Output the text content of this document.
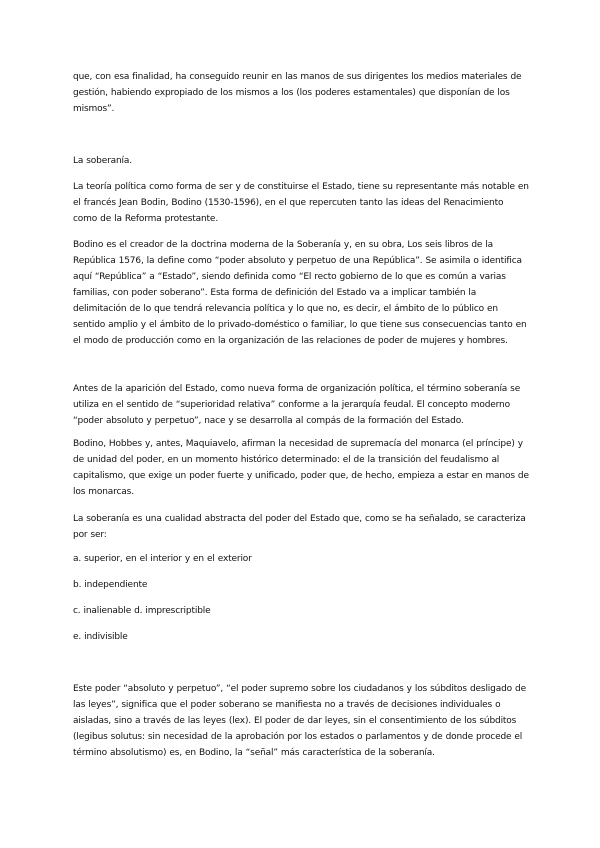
que, con esa finalidad, ha conseguido reunir en las manos de sus dirigentes los medios materiales de gestión, habiendo expropiado de los mismos a los (los poderes estamentales) que disponían de los mismos”.

La soberanía.

La teoría política como forma de ser y de constituirse el Estado, tiene su representante más notable en el francés Jean Bodin, Bodino (1530-1596), en el que repercuten tanto las ideas del Renacimiento como de la Reforma protestante.

Bodino es el creador de la doctrina moderna de la Soberanía y, en su obra, Los seis libros de la República 1576, la define como “poder absoluto y perpetuo de una República”. Se asimila o identifica aquí “República” a “Estado”, siendo definida como “El recto gobierno de lo que es común a varias familias, con poder soberano”. Esta forma de definición del Estado va a implicar también la delimitación de lo que tendrá relevancia política y lo que no, es decir, el ámbito de lo público en sentido amplio y el ámbito de lo privado-doméstico o familiar, lo que tiene sus consecuencias tanto en el modo de producción como en la organización de las relaciones de poder de mujeres y hombres.

Antes de la aparición del Estado, como nueva forma de organización política, el término soberanía se utiliza en el sentido de “superioridad relativa” conforme a la jerarquía feudal. El concepto moderno “poder absoluto y perpetuo”, nace y se desarrolla al compás de la formación del Estado.

Bodino, Hobbes y, antes, Maquiavelo, afirman la necesidad de supremacía del monarca (el príncipe) y de unidad del poder, en un momento histórico determinado: el de la transición del feudalismo al capitalismo, que exige un poder fuerte y unificado, poder que, de hecho, empieza a estar en manos de los monarcas.

La soberanía es una cualidad abstracta del poder del Estado que, como se ha señalado, se caracteriza por ser:

a. superior, en el interior y en el exterior

b. independiente

c. inalienable d. imprescriptible

e. indivisible

Este poder “absoluto y perpetuo”, “el poder supremo sobre los ciudadanos y los súbditos desligado de las leyes”, significa que el poder soberano se manifiesta no a través de decisiones individuales o aisladas, sino a través de las leyes (lex). El poder de dar leyes, sin el consentimiento de los súbditos (legibus solutus: sin necesidad de la aprobación por los estados o parlamentos y de donde procede el término absolutismo) es, en Bodino, la “señal” más característica de la soberanía.
